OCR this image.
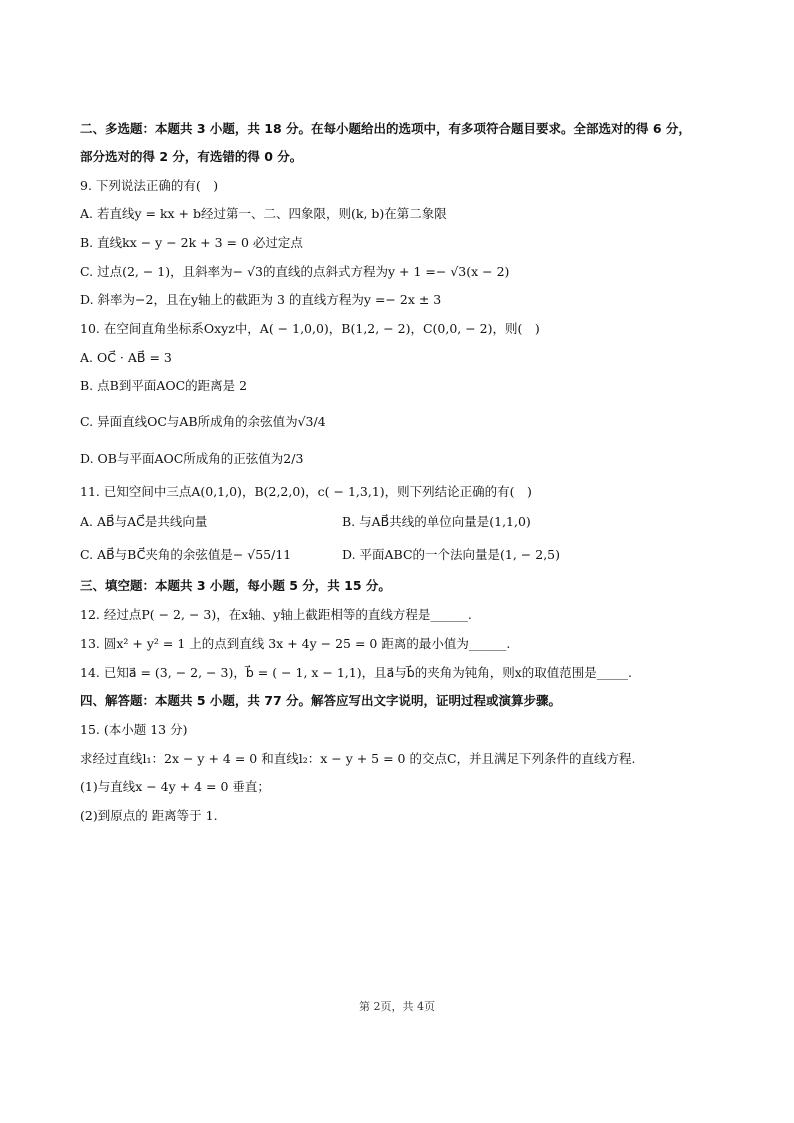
二、多选题：本题共 3 小题，共 18 分。在每小题给出的选项中，有多项符合题目要求。全部选对的得 6 分，
部分选对的得 2 分，有选错的得 0 分。
9. 下列说法正确的有(　)
A. 若直线y = kx + b经过第一、二、四象限，则(k, b)在第二象限
B. 直线kx − y − 2k + 3 = 0 必过定点
C. 过点(2, − 1)，且斜率为− √3的直线的点斜式方程为y + 1 =− √3(x − 2)
D. 斜率为−2，且在y轴上的截距为 3 的直线方程为y =− 2x ± 3
10. 在空间直角坐标系Oxyz中，A( − 1,0,0)，B(1,2, − 2)，C(0,0, − 2)，则(　)
A. OC⃗ · AB⃗ = 3
B. 点B到平面AOC的距离是 2
C. 异面直线OC与AB所成角的余弦值为√3/4
D. OB与平面AOC所成角的正弦值为2/3
11. 已知空间中三点A(0,1,0)，B(2,2,0)，c( − 1,3,1)，则下列结论正确的有(　)
A. AB⃗与AC⃗是共线向量	B. 与AB⃗共线的单位向量是(1,1,0)
C. AB⃗与BC⃗夹角的余弦值是− √55/11	D. 平面ABC的一个法向量是(1, − 2,5)
三、填空题：本题共 3 小题，每小题 5 分，共 15 分。
12. 经过点P( − 2, − 3)，在x轴、y轴上截距相等的直线方程是______.
13. 圆x² + y² = 1 上的点到直线 3x + 4y − 25 = 0 距离的最小值为______.
14. 已知a⃗ = (3, − 2, − 3)，b⃗ = ( − 1, x − 1,1)，且a⃗与b⃗的夹角为钝角，则x的取值范围是_____.
四、解答题：本题共 5 小题，共 77 分。解答应写出文字说明，证明过程或演算步骤。
15. (本小题 13 分)
求经过直线l₁：2x − y + 4 = 0 和直线l₂：x − y + 5 = 0 的交点C，并且满足下列条件的直线方程.
(1)与直线x − 4y + 4 = 0 垂直；
(2)到原点的 距离等于 1.
第 2页，共 4页
